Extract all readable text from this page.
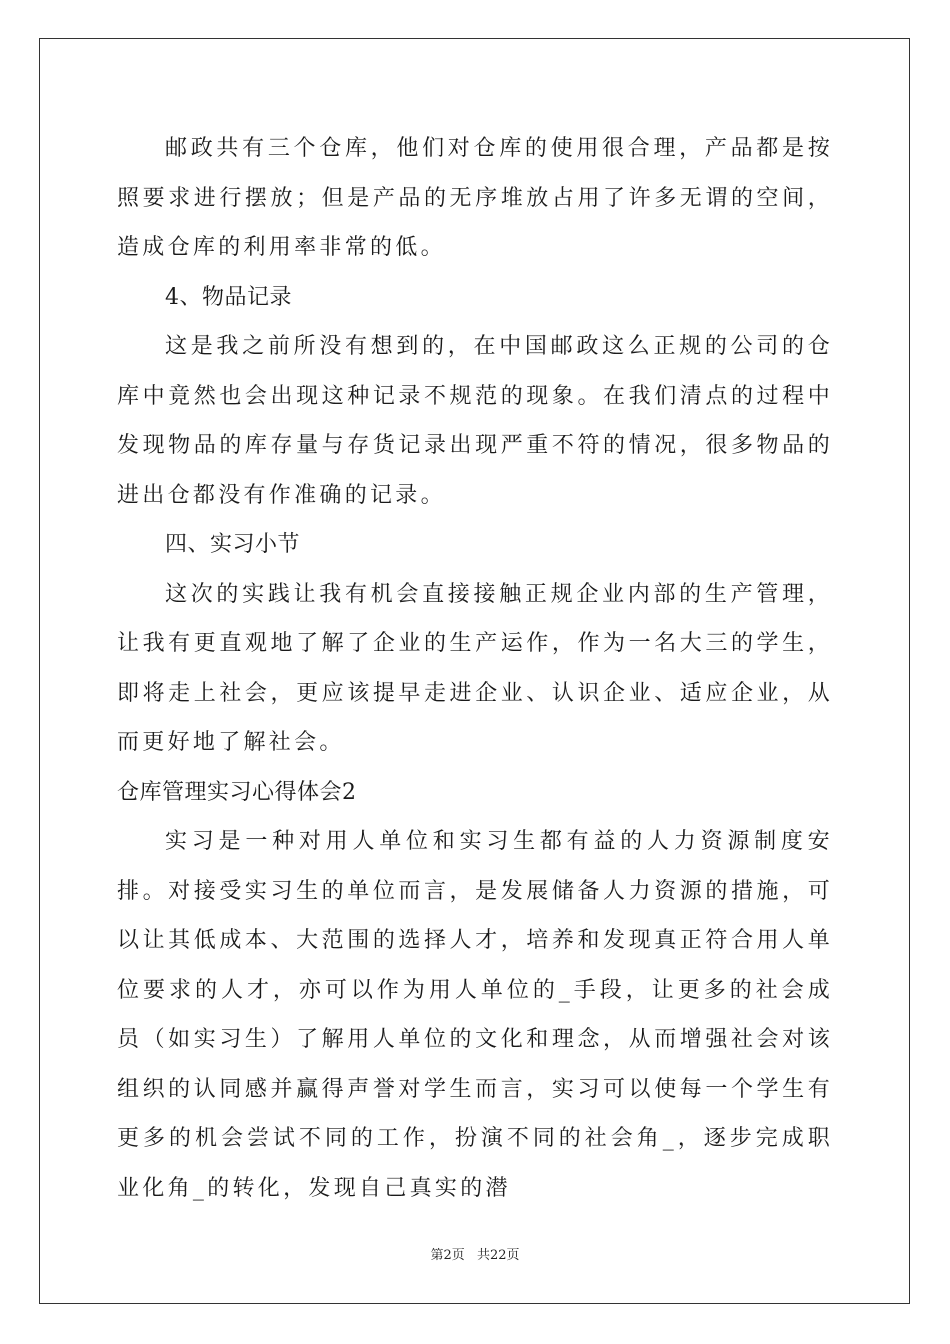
邮政共有三个仓库，他们对仓库的使用很合理，产品都是按照要求进行摆放；但是产品的无序堆放占用了许多无谓的空间，造成仓库的利用率非常的低。

4、物品记录

这是我之前所没有想到的，在中国邮政这么正规的公司的仓库中竟然也会出现这种记录不规范的现象。在我们清点的过程中发现物品的库存量与存货记录出现严重不符的情况，很多物品的进出仓都没有作准确的记录。

四、实习小节

这次的实践让我有机会直接接触正规企业内部的生产管理，让我有更直观地了解了企业的生产运作，作为一名大三的学生，即将走上社会，更应该提早走进企业、认识企业、适应企业，从而更好地了解社会。

仓库管理实习心得体会2

实习是一种对用人单位和实习生都有益的人力资源制度安排。对接受实习生的单位而言，是发展储备人力资源的措施，可以让其低成本、大范围的选择人才，培养和发现真正符合用人单位要求的人才，亦可以作为用人单位的_手段，让更多的社会成员（如实习生）了解用人单位的文化和理念，从而增强社会对该组织的认同感并赢得声誉对学生而言，实习可以使每一个学生有更多的机会尝试不同的工作，扮演不同的社会角_，逐步完成职业化角_的转化，发现自己真实的潜

第2页 共22页
